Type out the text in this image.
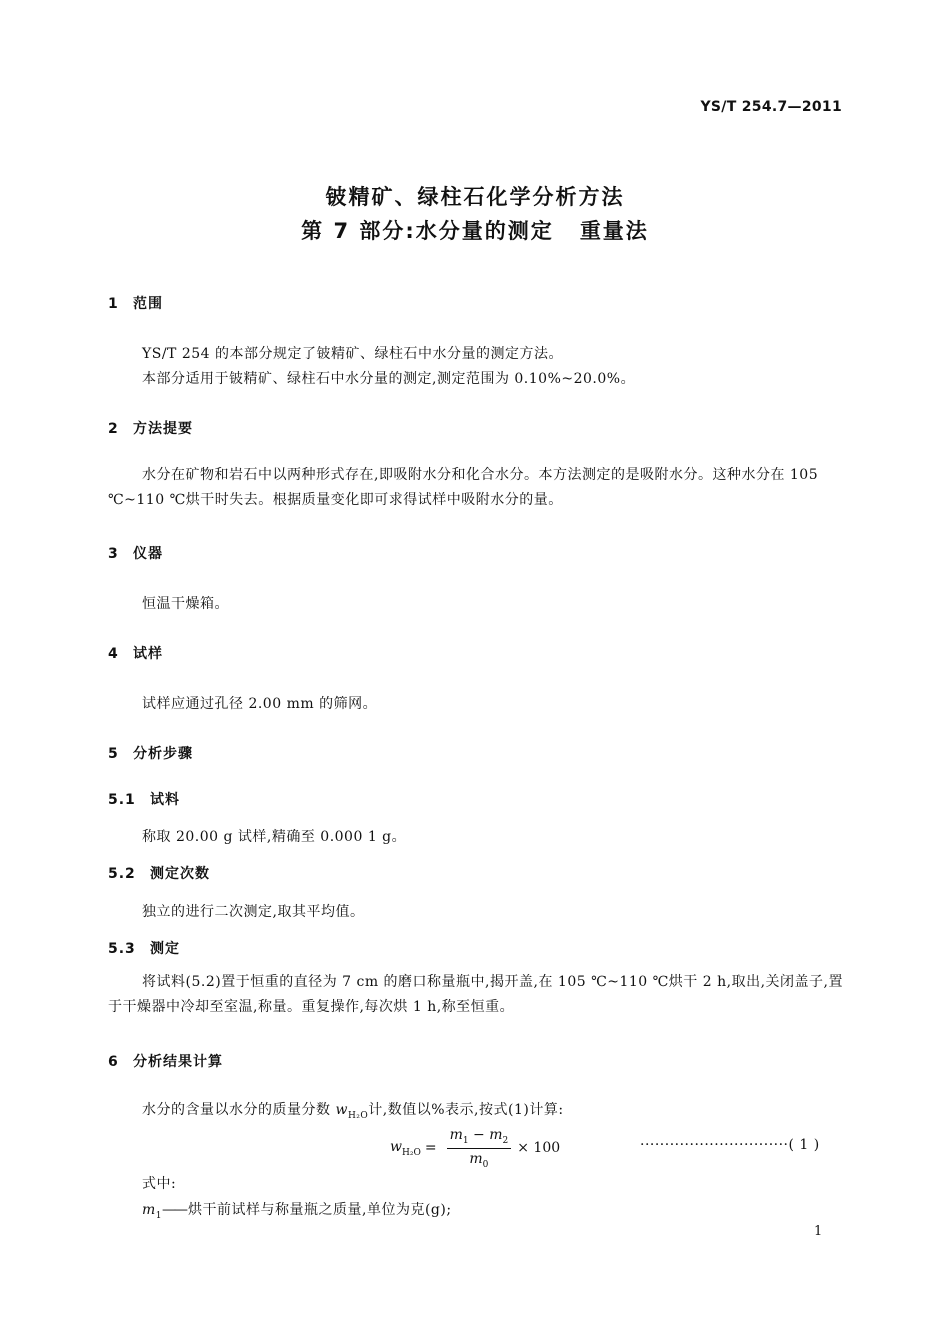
YS/T 254.7—2011
铍精矿、绿柱石化学分析方法
第 7 部分:水分量的测定 重量法
1 范围
YS/T 254 的本部分规定了铍精矿、绿柱石中水分量的测定方法。
本部分适用于铍精矿、绿柱石中水分量的测定,测定范围为 0.10%~20.0%。
2 方法提要
水分在矿物和岩石中以两种形式存在,即吸附水分和化合水分。本方法测定的是吸附水分。这种水分在 105 ℃~110 ℃烘干时失去。根据质量变化即可求得试样中吸附水分的量。
3 仪器
恒温干燥箱。
4 试样
试样应通过孔径 2.00 mm 的筛网。
5 分析步骤
5.1 试料
称取 20.00 g 试样,精确至 0.000 1 g。
5.2 测定次数
独立的进行二次测定,取其平均值。
5.3 测定
将试料(5.2)置于恒重的直径为 7 cm 的磨口称量瓶中,揭开盖,在 105 ℃~110 ℃烘干 2 h,取出,关闭盖子,置于干燥器中冷却至室温,称量。重复操作,每次烘 1 h,称至恒重。
6 分析结果计算
水分的含量以水分的质量分数 $w_{H_2O}$计,数值以%表示,按式(1)计算:
$w_{H_2O} = \frac{m_1 - m_2}{m_0} \times 100$	······························( 1 )
式中:
$m_1——$ 烘干前试样与称量瓶之质量,单位为克(g);
1
